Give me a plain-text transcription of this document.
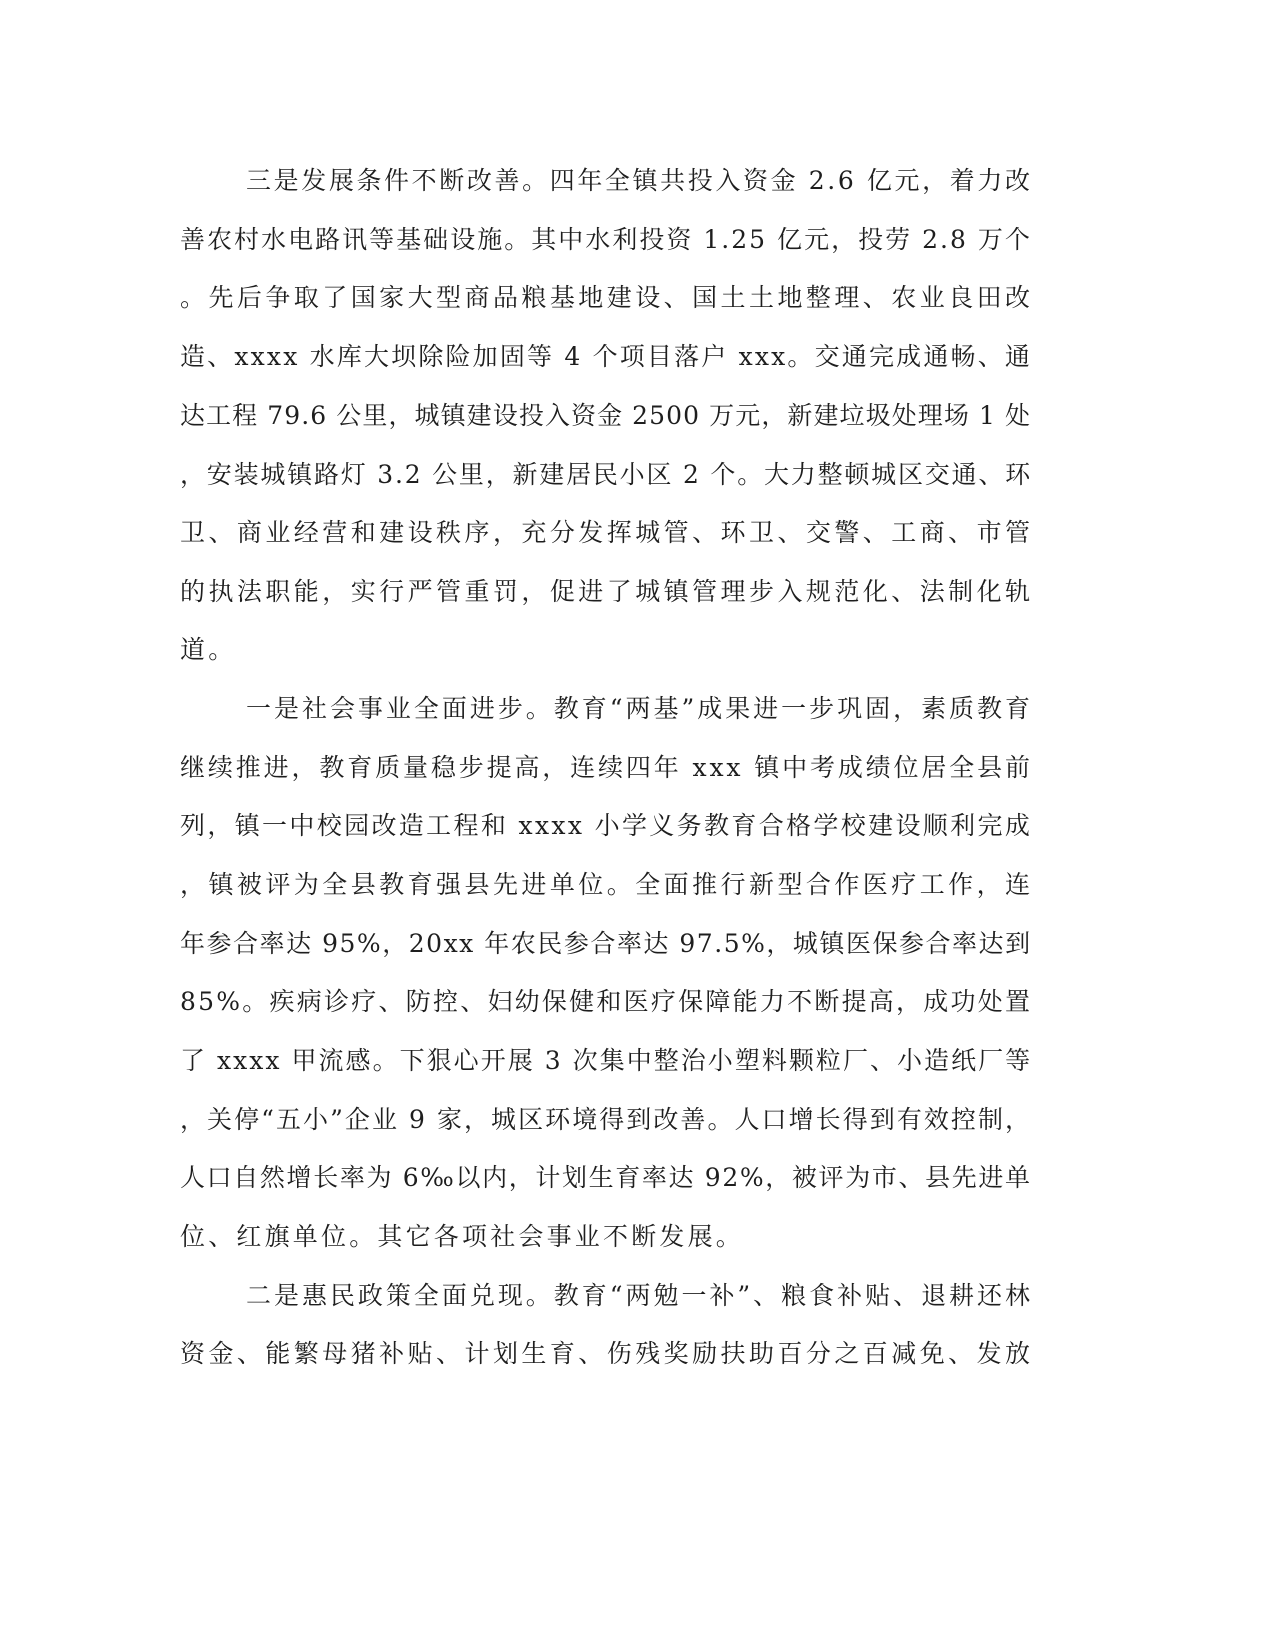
三是发展条件不断改善。四年全镇共投入资金 2.6 亿元，着力改
善农村水电路讯等基础设施。其中水利投资 1.25 亿元，投劳 2.8 万个
。先后争取了国家大型商品粮基地建设、国土土地整理、农业良田改
造、xxxx 水库大坝除险加固等 4 个项目落户 xxx。交通完成通畅、通
达工程 79.6 公里，城镇建设投入资金 2500 万元，新建垃圾处理场 1 处
，安装城镇路灯 3.2 公里，新建居民小区 2 个。大力整顿城区交通、环
卫、商业经营和建设秩序，充分发挥城管、环卫、交警、工商、市管
的执法职能，实行严管重罚，促进了城镇管理步入规范化、法制化轨
道。
一是社会事业全面进步。教育“两基”成果进一步巩固，素质教育
继续推进，教育质量稳步提高，连续四年 xxx 镇中考成绩位居全县前
列，镇一中校园改造工程和 xxxx 小学义务教育合格学校建设顺利完成
，镇被评为全县教育强县先进单位。全面推行新型合作医疗工作，连
年参合率达 95%，20xx 年农民参合率达 97.5%，城镇医保参合率达到
85%。疾病诊疗、防控、妇幼保健和医疗保障能力不断提高，成功处置
了 xxxx 甲流感。下狠心开展 3 次集中整治小塑料颗粒厂、小造纸厂等
，关停“五小”企业 9 家，城区环境得到改善。人口增长得到有效控制，
人口自然增长率为 6‰以内，计划生育率达 92%，被评为市、县先进单
位、红旗单位。其它各项社会事业不断发展。
二是惠民政策全面兑现。教育“两勉一补”、粮食补贴、退耕还林
资金、能繁母猪补贴、计划生育、伤残奖励扶助百分之百减免、发放
